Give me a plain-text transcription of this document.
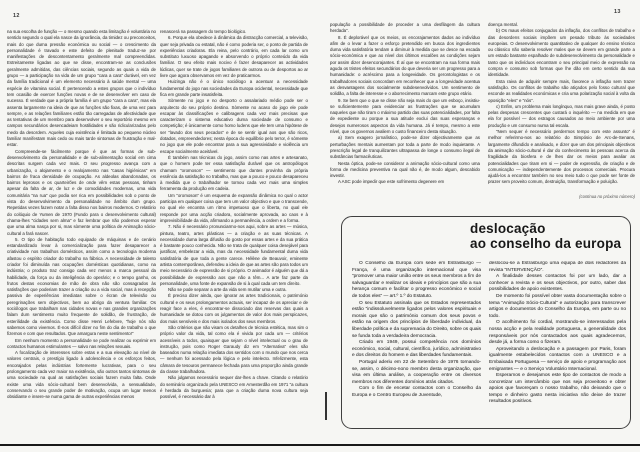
12
13

na sua escolha de função — o mesmo quando esta limitação é voluntária no sentido segundo o qual ela nasce da ignorância, da timidez ou preconceitos, mais do que duma pressão económica ou social — o crescimento da personalidade é travado e este defeito de plenitude traduz-se por manifestações de descontentamento geralmente mal compreendidas. Estreitamente ligadas ao que se disse, encontram-se as conclusões geralmente admitidas, das ciências sociais, segundo as quais a vida de grupo — a participação na vida de um grupo “cara a cara” durável, em vez da família tradicional é um elemento necessário à saúde mental — uma espécie de vitamina social. É pertencendo a estes grupos que o indivíduo tem ocasião de exercer funções novas e de se desenvolver em caso de sucesso. É verdade que a própria família é um grupo “cara a cara”, mas ela assenta largamente na ideia de que as funções são fixas, de uma vez para sempre, e as relações familiares estão tão carregadas de afectividade que as tentativas de um membro para desenvolver o seu reportório mesmo em campos secundários desencadeiam hostilidades e são ridicularizadas pelo medo da desordem. Aqueles cuja existência é limitada ao pequeno núcleo familiar manifestam mais cedo ou mais tarde sintomas de frustração e mal-estar.

Compreende-se fàcilmente porque é que as formas de sub-desenvolvimento da personalidade e de sub-alimentação social em cima descritas surgem cada vez mais. O seu progresso avança com a urbanização, o alojamento e o realojamento nas “casas higiénicas” em bairros de fraca densidade de ocupação. As aldeolas abandonadas, os bairros leprosos e os quarteirões de onde vêm estas pessoas, tinham apesar da falta de ar, de luz e de comodidades modernas, uma vida comunitária “na rua” que podia ser rica em possibilidades sob o ponto de vista do desenvolvimento da personalidade no âmbito dum grupo. Repetidas vezes fazem notar a falta disso nos bairros modernos. O relatório do colóquio de Yumen de 1970 (Fundo para o desenvolvimento cultural) chama-lhes “cidades sem alma” e faz lembrar que não podemos esperar que uma alma nasça por si, mas sòmente uma política de Animação sócio-cultural a fará nascer.

5. O tipo de habitação todo equipado de máquinas e de cenário estandardizado levar à comercialização para fazer desaparecer a criatividade nos trabalhos domésticos, assim como a tecnologia moderna afastou o espírito criador do trabalho na fábrica. A necessidade de talento criador foi diminuída nas ocupações domésticas quotidianas, como na indústria; o produto traz consigo cada vez menos a marca pessoal da habilidade, da força ou da inteligência do operário; e o tempo ganho, os frutos destas economias de mão de obra não são consagrados às satisfações que poderiam trazer a criação ou a vida social, mas à recepção passiva de experiências imediatas sobre o écran de televisão ou peregrinações sem objectivos, bem ao abrigo da ventura familiar. Os sociólogos que trabalham nas cidades novas e nas grandes organizações falam dum sentimento muito frequente de solidão, de frustração, de esterilidade da existência. Como disse Henri Lefebvre, “hoje nós não sabemos como vivemos. É-nos difícil dizer no fim do dia de trabalho o que fizemos e com que resultados. Que amargura neste sentimento!”

Em nenhum momento a personalidade se pode realizar ou exprimir em contactos humanos estimulantes — salvo nas relações sexuais.

A focalização de interesses sobre estas e a sua elevação ao nível de valores centrais, o prestígio ligado à adolescência e os esforços feitos, encorajados pelas indústrias fortemente lucrativas, para o seu prolongamento cada vez maior na existência, são outros tantos sintomas de uma sociedade na qual as satisfações sociais fazem muita falta. Onde existe uma vida sócio-cultural bem desenvolvida, a sensualidade, conservando o seu grande poder de motivação, ocupa um lugar menos obsidiante e insere-se numa gama de outras experiências menos

renascerá na passagem do tempo biológico.

6. Porque ela obedece à dinâmica da distracção comercial, a televisão, quer seja privada ou estatal, não é como poderia ser, o ponto de partida de experiências criadoras. Ela reina, pelo contrário, em cada lar como um substituto luxuoso apagando e absorvendo o próprio conteúdo da vida familiar. O seu efeito mais nocivo é fazer desaparecer as actividades lúdicas, quer se trate de jogos familiares de outrora ou de desportos ao ar livre que agora observamos em vez de praticarmos.

Huizinga não é o único sociólogo a acentuar a necessidade fundamental do jogo nas sociedades da Europa ocidental, necessidade que fica em grande parte insatisfeita.

Sòmente no jogo e no desporto o assalariado médio pode ser o arquitecto do seu próprio destino. Sòmente no acaso do jogo ele pode escapar às classificações e calibragens cada vez mais precisas que caracterizam o sistema educativo duma sociedade de consumo e competição; é ùnicamente como homo ludens que ele tem uma hipótese de ser “lavado dos seus pecados” e de se sentir igual aos que são ricos, dotados, empreendedores; nesta época do equilíbrio pelo terror, é sòmente no jogo que ele pode encontrar para a sua agressividade e violência um escape socialmente aceitável.

É também nas técnicas do jogo, assim como nas artes e artesanato, que o homem pode ter essa satisfação durável que os antropólogos chamam “oromoson” — sentimento que dantes provinha da própria essência da satisfação no trabalho, mas que a pouco e pouco desapareceu à medida que o trabalhador se tornou cada vez mais uma simples ferramenta da produção em cadeia.

Um “oromoson” é um esquema de expansão dinâmica no qual o actor participa em qualquer coisa que tem um valor objectivo e que o transcende, no qual ele encontra um ritmo impetuoso que o liberta, no qual ele responde por uma acção criadora, socialmente aprovada, ao caos e à imprevisibilidade da vida, afirmando a permanência, a ordem e a forma.

7. Não é necessário pronunciarmo-nos aqui, sobre as artes — música, pintura, teatro, artes plásticas — a criação e as suas técnicas. A necessidade duma larga difusão do gosto por essas artes e da sua prática é bastante pouco conhecida. Não se trata de qualquer coisa desejável para justificar, embelezar a vida, mas da necessidade fundamental duma vida satisfatória de que toda a gente carece. Hélène de Beauvoir, eminente artista contemporânea, defendeu a ideia de que as artes são para todos um meio necessário de expressão de si próprio. O animador é alguém que dá a possibilidade de expressão aos que não a têm... A arte faz parte da personalidade, uma fonte de expansão de si à qual cada um tem direito.

Não se pode separar a arte da vida sem mutilar uma e outra.

É preciso dizer ainda, que ignorar as artes tradicionais, o património cultural e os seus prolongamentos actuais, ser incapaz de os apreciar e de reagir face a eles, é encontrar-se dissociado das reservas das quais a humanidade se dotou com os julgamentos de valor dos mais perspicazes, dos mais sensíveis e dos mais isolados dos seus membros.

São critérios que não visam os detalhes de técnica estética, mas sim o próprio valor da vida, tal como ela é vivida por cada um — critérios acessíveis a todos, quaisquer que sejam o nível intelectual ou o grau de instrução, pois como Roger Garaudy diz em “Alternativa” eles são baseados numa relação imediata dos sentidos com o mundo que nos cerca — nenhum foi acessado pela lógica e pelo intelecto. Infelizmente, esta câmara de tesouros permanece fechada para uma proporção ainda grande da classe trabalhadora.

Não julgamos necessário sequer dar-lhes a chave. Citando o relatório do seminário organizado pela UNESCO em Amesterdão em 1971 “a cultura é herdada da burguesia; para que a criação duma nova cultura seja possível, é necessário dar à

população a possibilidade de proceder a uma desfilagem da cultura herdada”.

8. É deplorável que os meios, os encorajamentos dados ao indivíduo afim de o levar a fazer o esforço pretendido em busca dos ingredientes duma vida satisfatória tendam a diminuir à medida que se desce na escada sócio-económica e que ao nível dos últimos escalões as condições sejam por assim dizer desencorajantes. É aí que se encontram na sua forma mais aguda os tristes efeitos secundários do que deveria ser um progresso para a humanidade: o acréscimo para a longevidade. Os gerontologistas e os trabalhadores sociais concordam em reconhecer que a longevidade acentua as desvantagens dos socialmente subdesenvolvidos. Um sentimento de solidão, a falta de interesse e o aborrecimento marcam este grupo etário.

9. Se bem que o que se disse não seja mais do que um esboço, insistiu-se suficientemente para evidenciar as frustrações que se acumulam naqueles que não tiram o máximo partido das suas potencialidades, por falta de expediente ou porque a sua atitude exclui das suas esperanças e desejos numerosos aspectos da vida humana. Já é tempo, mesmo a este nível, que os governos avaliem o custo financeiro desta situação.

a) Sem exagero jornalístico, pode-se dizer objectivamente que as perturbações mentais aumentam por toda a parte de modo inquietante. A prescrição legal de tranquilizantes ultrapassa de longe o consumo ilegal de substâncias farmacêuticas.

Nesta óptica, pode-se considerar a animação sócio-cultural como uma forma de medicina preventiva na qual não é, de modo algum, descabido investir.

A ASC pode impedir que este sofrimento degenere em

doença mental.

b) Os maus efeitos conjugados da inflação, dos conflitos de trabalho e das desordens sociais impõem um pesado tributo às sociedades europeias. O desenvolvimento quantitativo de qualquer do ensino técnico ou clássico não saberia resolver males que se devem em grande parte a um estado bastante espalhado de subdesenvolvimento da personalidade e tanto que os indivíduos encontram o seu principal meio de expressão na compra e consumo sob formas que lhe dão em certo sentido da sua identidade.

Esta raiva de adquirir sempre mais, favorece a inflação sem trazer satisfação. Os conflitos de trabalho são atiçados pelo fosso cultural que esconde as realidades económicas e cria uma polarização social à volta da oposição “eles” e “nós”.

c) Enfim, um problema mais longínquo, mas mais grave ainda, é posto pelas despesas crescentes que custará o inquérito — na medida em que ela for possível — dos estragos causados ao meio ambiente por uma produção e um consumo numa tal escala.

“Nem sequer é necessário perdermos tempo com este assunto” é melhor referirmo-nos ao relatório do Simpósio de Arc-de-Senans, largamente difundido e analisado, e dizer que um dos principais objectivos da animação sócio-cultural é dar do conhecimento às pessoas acerca da fragilidade da biosfera e de lhes dar os meios para avaliar as potencialidades que tiram em si — poder de expressão, de criação e de comunicação — independentemente dos processos comerciais. Procura ajudá-los a encontrar também no seu meio tudo o que pode ser fonte de prazer sem proveito comum, destruição, transformação e poluição.

(continua no próximo número)
deslocação
ao conselho da europa

O Conselho da Europa com sede em Estrasburgo — França, é uma organização internacional que visa “promover uma maior união entre os seus membros a fim de salvaguardar e realizar os ideais e princípios que são a sua herança comum e facilitar o progresso económico e social de todos eles” — art.º 1.º do Estatuto.

O seu Estatuto assinala que os Estados representados estão “indissoluvelmente ligados pelos valores espirituais e morais que são o património comum dos seus povos e estão na origem dos princípios de liberdade individual, da liberdade política e da supremacia do Direito, sobre os quais se funda toda a verdadeira democracia.

Criado em 1949, possui competência nos domínios económico, social, cultural, científico, jurídico, administrativo e dos direitos do homem e das liberdades fundamentais.

Portugal aderiu em 22 de Setembro de 1976 tornando-se, assim, o décimo-nono membro desta organização, que visa em última análise, a cooperação entre os diversos membros nos diferentes domínios atrás citados.

Com o fim de encetar contactos com o Conselho da Europa e o Centro Europeu de Juventude,

deslocou-se a Estrasburgo uma equipa de dois redactores da revista “INTERVENÇÃO”.

A finalidade desses contactos foi por um lado, dar a conhecer a revista e os seus objectivos, por outro, saber das possibilidades de apoio existentes.

De momento foi possível obter vasta documentação sobre o tema “Animação Sócio-Cultural” e autorização para transcrever artigos e documentos do Conselho da Europa, em parte ou no todo.

O acolhimento foi cordial, mostrando-se interessados pela nossa acção e pela realidade portuguesa, a generalidade dos responsáveis por nós contactados aos quais agradecemos, desde já, a forma como o fizeram.

Aproveitando a deslocação e a passagem por Paris, foram igualmente estabelecidos contactos com a UNESCO e a Embaixada Portuguesa — serviço de apoio e programação aos emigrantes — e o Serviço Voluntário Internacional.

Esperamos e desejamos este tipo de contactos de modo a concretizar um intercâmbio que nos seja proveitoso e obter apoios que favoreçam o nosso trabalho, não deixando que o tempo e dinheiro gasto nesta iniciativa não deixe de trazer resultados positivos.
